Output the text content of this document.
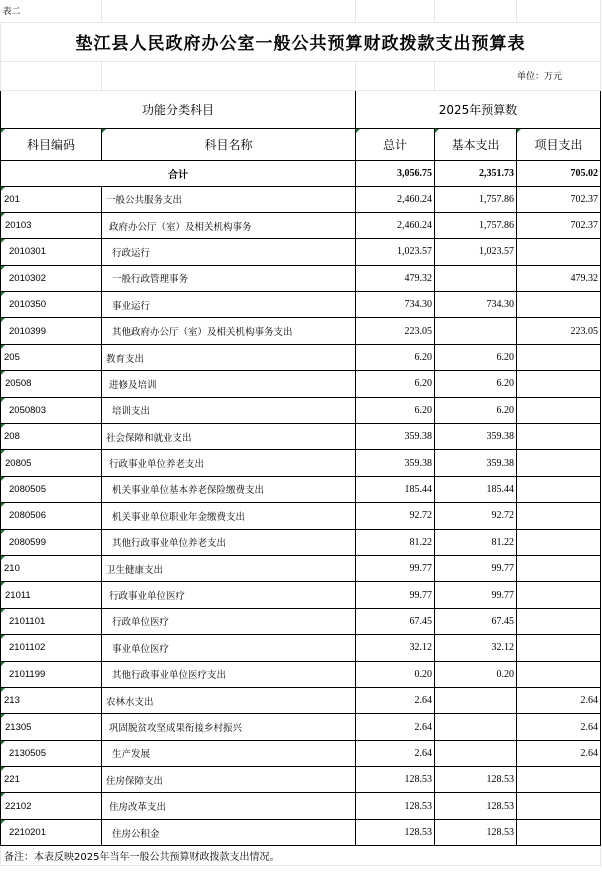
表二				
垫江县人民政府办公室一般公共预算财政拨款支出预算表				
			单位：万元	
功能分类科目		2025年预算数		
科目编码	科目名称	总计	基本支出	项目支出
合计		3,056.75	2,351.73	705.02
201	一般公共服务支出	2,460.24	1,757.86	702.37
20103	政府办公厅（室）及相关机构事务	2,460.24	1,757.86	702.37
2010301	行政运行	1,023.57	1,023.57	
2010302	一般行政管理事务	479.32		479.32
2010350	事业运行	734.30	734.30	
2010399	其他政府办公厅（室）及相关机构事务支出	223.05		223.05
205	教育支出	6.20	6.20	
20508	进修及培训	6.20	6.20	
2050803	培训支出	6.20	6.20	
208	社会保障和就业支出	359.38	359.38	
20805	行政事业单位养老支出	359.38	359.38	
2080505	机关事业单位基本养老保险缴费支出	185.44	185.44	
2080506	机关事业单位职业年金缴费支出	92.72	92.72	
2080599	其他行政事业单位养老支出	81.22	81.22	
210	卫生健康支出	99.77	99.77	
21011	行政事业单位医疗	99.77	99.77	
2101101	行政单位医疗	67.45	67.45	
2101102	事业单位医疗	32.12	32.12	
2101199	其他行政事业单位医疗支出	0.20	0.20	
213	农林水支出	2.64		2.64
21305	巩固脱贫攻坚成果衔接乡村振兴	2.64		2.64
2130505	生产发展	2.64		2.64
221	住房保障支出	128.53	128.53	
22102	住房改革支出	128.53	128.53	
2210201	住房公积金	128.53	128.53	
备注：本表反映2025年当年一般公共预算财政拨款支出情况。				
